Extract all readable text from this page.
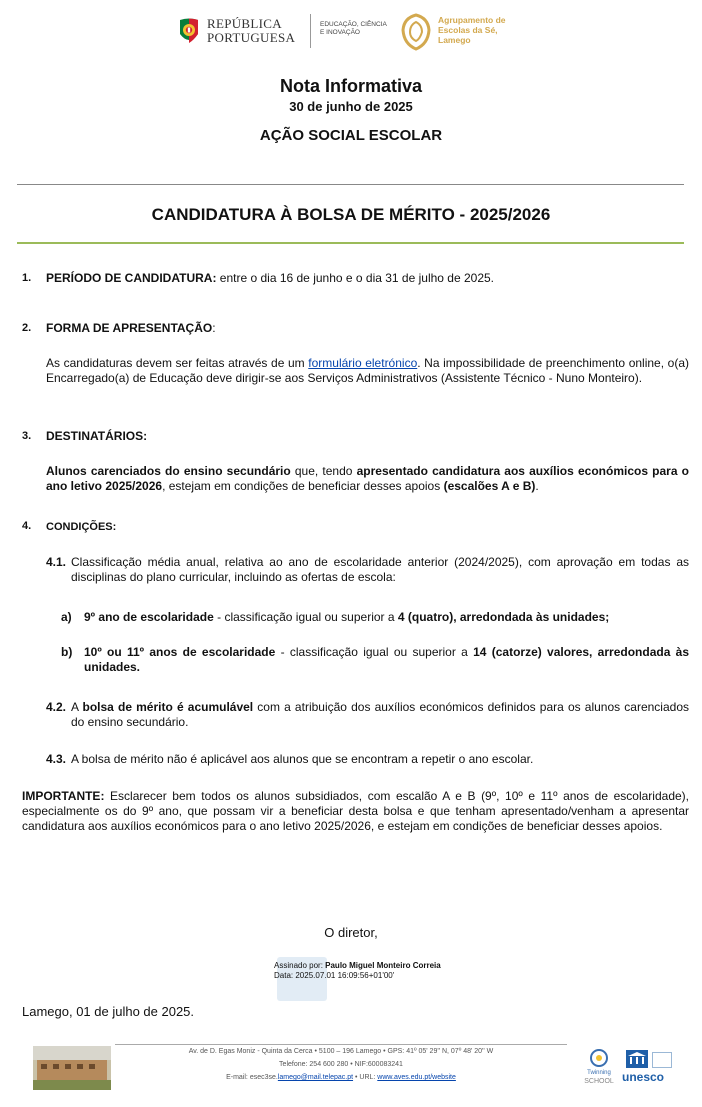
REPÚBLICA
PORTUGUESA
EDUCAÇÃO, CIÊNCIA
E INOVAÇÃO
Agrupamento de
Escolas da Sé,
Lamego
Nota Informativa
30 de junho de 2025
AÇÃO SOCIAL ESCOLAR
CANDIDATURA À BOLSA DE MÉRITO - 2025/2026
1. PERÍODO DE CANDIDATURA: entre o dia 16 de junho e o dia 31 de julho de 2025.
2. FORMA DE APRESENTAÇÃO:
As candidaturas devem ser feitas através de um formulário eletrónico. Na impossibilidade de preenchimento online, o(a) Encarregado(a) de Educação deve dirigir-se aos Serviços Administrativos (Assistente Técnico - Nuno Monteiro).
3. DESTINATÁRIOS:
Alunos carenciados do ensino secundário que, tendo apresentado candidatura aos auxílios económicos para o ano letivo 2025/2026, estejam em condições de beneficiar desses apoios (escalões A e B).
4. CONDIÇÕES:
4.1. Classificação média anual, relativa ao ano de escolaridade anterior (2024/2025), com aprovação em todas as disciplinas do plano curricular, incluindo as ofertas de escola:
a) 9º ano de escolaridade - classificação igual ou superior a 4 (quatro), arredondada às unidades;
b) 10º ou 11º anos de escolaridade - classificação igual ou superior a 14 (catorze) valores, arredondada às unidades.
4.2. A bolsa de mérito é acumulável com a atribuição dos auxílios económicos definidos para os alunos carenciados do ensino secundário.
4.3. A bolsa de mérito não é aplicável aos alunos que se encontram a repetir o ano escolar.
IMPORTANTE: Esclarecer bem todos os alunos subsidiados, com escalão A e B (9º, 10º e 11º anos de escolaridade), especialmente os do 9º ano, que possam vir a beneficiar desta bolsa e que tenham apresentado/venham a apresentar candidatura aos auxílios económicos para o ano letivo 2025/2026, e estejam em condições de beneficiar desses apoios.
O diretor,
Assinado por: Paulo Miguel Monteiro Correia
Data: 2025.07.01 16:09:56+01'00'
Lamego, 01 de julho de 2025.
Av. de D. Egas Moniz - Quinta da Cerca • 5100 – 196 Lamego • GPS: 41º 05' 29'' N, 07º 48' 20'' W
Telefone: 254 600 280 • NIF:600083241
E-mail: esec3se.lamego@mail.telepac.pt • URL: www.aves.edu.pt/website
Twinning
SCHOOL unesco
